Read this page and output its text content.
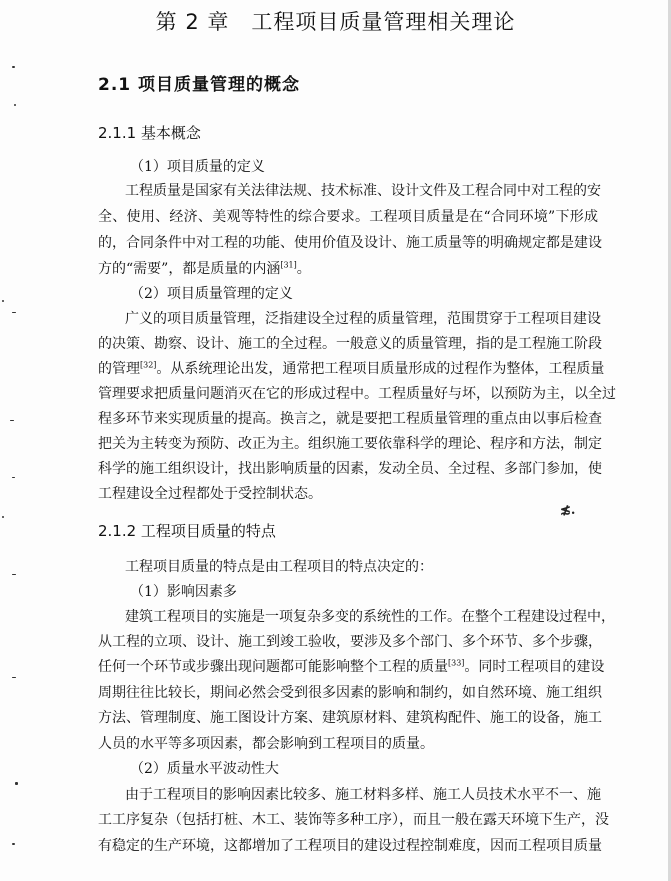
第 2 章　工程项目质量管理相关理论
2.1 项目质量管理的概念
2.1.1 基本概念
（1）项目质量的定义
工程质量是国家有关法律法规、技术标准、设计文件及工程合同中对工程的安
全、使用、经济、美观等特性的综合要求。工程项目质量是在“合同环境”下形成
的，合同条件中对工程的功能、使用价值及设计、施工质量等的明确规定都是建设
方的“需要”，都是质量的内涵[31]。
（2）项目质量管理的定义
广义的项目质量管理，泛指建设全过程的质量管理，范围贯穿于工程项目建设
的决策、勘察、设计、施工的全过程。一般意义的质量管理，指的是工程施工阶段
的管理[32]。从系统理论出发，通常把工程项目质量形成的过程作为整体，工程质量
管理要求把质量问题消灭在它的形成过程中。工程质量好与坏，以预防为主，以全过
程多环节来实现质量的提高。换言之，就是要把工程质量管理的重点由以事后检查
把关为主转变为预防、改正为主。组织施工要依靠科学的理论、程序和方法，制定
科学的施工组织设计，找出影响质量的因素，发动全员、全过程、多部门参加，使
工程建设全过程都处于受控制状态。
≴.
2.1.2 工程项目质量的特点
工程项目质量的特点是由工程项目的特点决定的：
（1）影响因素多
建筑工程项目的实施是一项复杂多变的系统性的工作。在整个工程建设过程中，
从工程的立项、设计、施工到竣工验收，要涉及多个部门、多个环节、多个步骤，
任何一个环节或步骤出现问题都可能影响整个工程的质量[33]。同时工程项目的建设
周期往往比较长，期间必然会受到很多因素的影响和制约，如自然环境、施工组织
方法、管理制度、施工图设计方案、建筑原材料、建筑构配件、施工的设备，施工
人员的水平等多项因素，都会影响到工程项目的质量。
（2）质量水平波动性大
由于工程项目的影响因素比较多、施工材料多样、施工人员技术水平不一、施
工工序复杂（包括打桩、木工、装饰等多种工序），而且一般在露天环境下生产，没
有稳定的生产环境，这都增加了工程项目的建设过程控制难度，因而工程项目质量
